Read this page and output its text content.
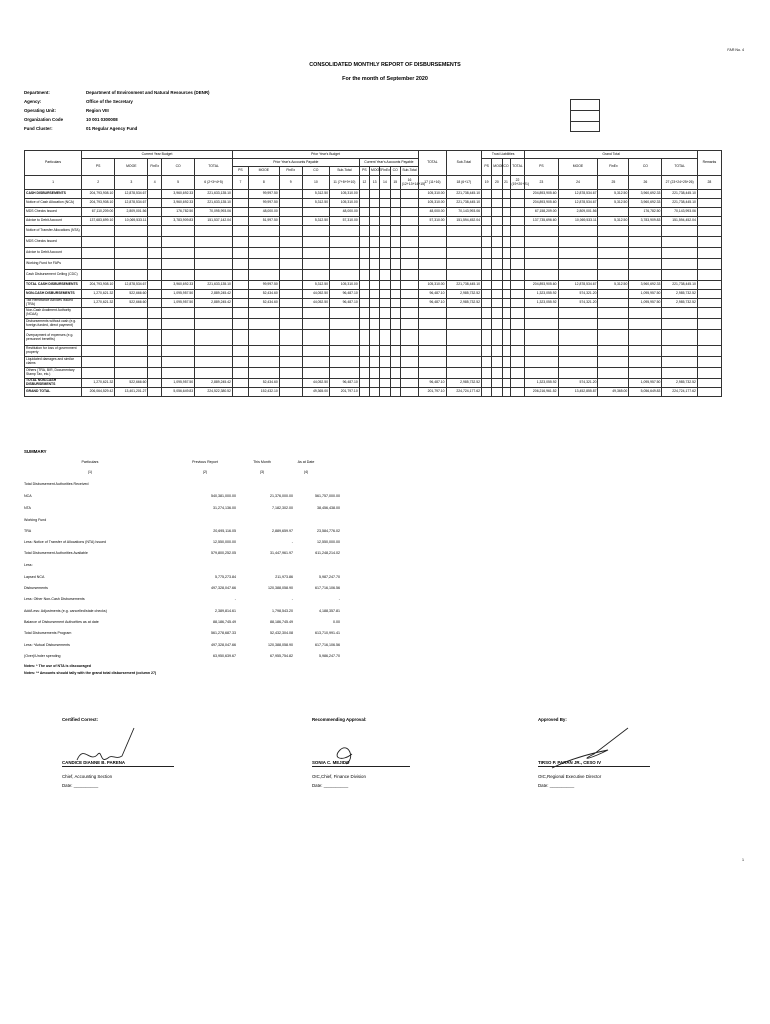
FAR No. 4
CONSOLIDATED MONTHLY REPORT OF DISBURSEMENTS
For the month of September 2020
Department:	Department of Environment and Natural Resources (DENR)
Agency:	Office of the Secretary
Operating Unit:	Region VIII
Organization Code	10 001 0300008
Fund Cluster:	01 Regular Agency Fund
Particulars	Current Year Budget					Prior Year's Budget										TOTAL	Sub-Total	Trust Liabilities				Grand Total					Remarks
	PS	MOOE	FinEx	CO	TOTAL	Prior Year's Accounts Payable					Current Year's Accounts Payable							PS	MOOE	CO	TOTAL	PS	MOOE	FinEx	CO	TOTAL	
						PS	MOOE	FinEx	CO	Sub-Total	PS	MOOE	FinEx	CO	Sub-Total												
1	2	3	4	5	6 (2+3+4+5)	7	8	9	10	11 (7+8+9+10)	12	13	14	15	16 (12+13+14+15)	17 (11+16)	18 (6+17)	19	20	21	22 (19+20+21)	23	24	25	26	27 (23+24+25+26)	28
CASH DISBURSEMENTS	204,793,908.10	12,878,534.67		3,960,692.33	221,633,135.10		99,997.50		5,312.50	105,310.00						105,310.00	221,738,445.10					204,893,905.60	12,878,534.67	5,312.50	3,960,692.33	221,738,445.10	
Notice of Cash Allocation (NCA)	204,793,908.10	12,878,534.67		3,960,692.33	221,633,135.10		99,997.50		5,312.50	105,310.00						105,310.00	221,738,445.10					204,893,905.60	12,878,534.67	5,312.50	3,960,692.33	221,738,445.10	
MDS Checks Issued	67,110,209.00	2,809,001.56		176,782.50	70,095,993.06		48,000.00			48,000.00						48,000.00	70,143,993.06					67,158,209.00	2,809,001.56		176,782.50	70,143,993.06	
Advice to Debit Account	137,683,699.10	10,069,533.11		3,783,909.83	151,537,142.04		51,997.50		5,312.50	57,310.00						57,310.00	151,594,452.04					137,735,696.60	10,069,533.11	5,312.50	3,783,909.83	151,594,452.04	
Notice of Transfer Allocations (NTA)																											
MDS Checks Issued																											
Advice to Debit Account																											
Working Fund for FAPs																											
Cash Disbursement Ceiling (CDC)																											
TOTAL CASH DISBURSEMENTS	204,793,908.10	12,878,534.67		3,960,692.33	221,633,135.10		99,997.50		5,312.50	105,310.00						105,310.00	221,738,445.10					204,893,905.60	12,878,534.67	5,312.50	3,960,692.33	221,738,445.10	
NON-CASH DISBURSEMENTS	1,270,621.32	522,666.60		1,095,957.50	2,889,245.42		52,434.60		44,052.50	96,487.10						96,487.10	2,985,732.52					1,323,055.92	574,321.20		1,095,957.50	2,985,732.52	
Tax Remittance Advices Issued (TRA)	1,270,621.32	522,666.60		1,095,957.50	2,889,245.42		52,434.60		44,052.50	96,487.10						96,487.10	2,985,732.52					1,323,055.92	574,321.20		1,095,957.50	2,985,732.52	
Non-Cash Availment Authority (NCAA)																											
Disbursements without cash (e.g. foreign-funded, direct payment)																											
Overpayment of expenses (e.g. personnel benefits)																											
Restitution for loss of government property																											
Liquidated damages and similar claims																											
Others (TRA, BIR, Documentary Stamp Tax, etc.)																											
TOTAL NON-CASH DISBURSEMENTS	1,270,621.32	522,666.60		1,095,957.50	2,889,245.42		52,434.60		44,052.50	96,487.10						96,487.10	2,985,732.52					1,323,055.92	574,321.20		1,095,957.50	2,985,732.52	
GRAND TOTAL	206,064,529.42	13,401,201.27		5,056,649.83	224,522,380.52		152,432.10		49,365.00	201,797.10						201,797.10	224,724,177.62					206,216,961.52	13,452,855.87	49,365.00	5,056,649.83	224,724,177.62	
SUMMARY
Particulars	Previous Report	This Month	As at Date
(1)	(2)	(3)	(4)
Total Disbursement Authorities Received
NCA	540,381,000.00	21,376,000.00	561,757,000.00
NTA	31,274,136.00	7,182,302.00	38,456,438.00
Working Fund
TRA	20,695,116.05	2,889,659.97	23,584,776.02
Less: Notice of Transfer of Allocations (NTA) Issued	12,550,000.00	-	12,550,000.00
Total Disbursement Authorities Available	579,800,252.05	31,447,961.97	611,248,214.02
Less:
Lapsed NCA	5,775,273.84	211,973.86	5,987,247.70
Disbursements	497,328,047.66	120,388,058.90	617,716,106.56
Less: Other Non-Cash Disbursements	-	-	-
Add/Less: Adjustments (e.g. cancelled/stale checks)	2,389,814.61	1,798,543.20	4,188,357.81
Balance of Disbursement Authorities as at date	88,186,745.49	88,186,745.49	0.00
Total Disbursements Program	561,278,687.33	52,432,304.08	613,710,991.41
Less: *Actual Disbursements	497,328,047.66	120,388,058.90	617,716,106.56
(Over)/Under spending	63,950,639.67	67,955,754.82	5,986,247.70
Notes: * The use of NTA is discouraged
Notes: ** Amounts should tally with the grand total disbursement (column 27)
Certified Correct:
CANDICE DIANNE B. PARENA
Chief, Accounting Section
Date: __________
Recommending Approval:
SONIA C. MEJIDO
OIC,Chief, Finance Division
Date: __________
Approved By:
TIRSO P. PARAN JR., CESO IV
OIC,Regional Executive Director
Date: __________
1
